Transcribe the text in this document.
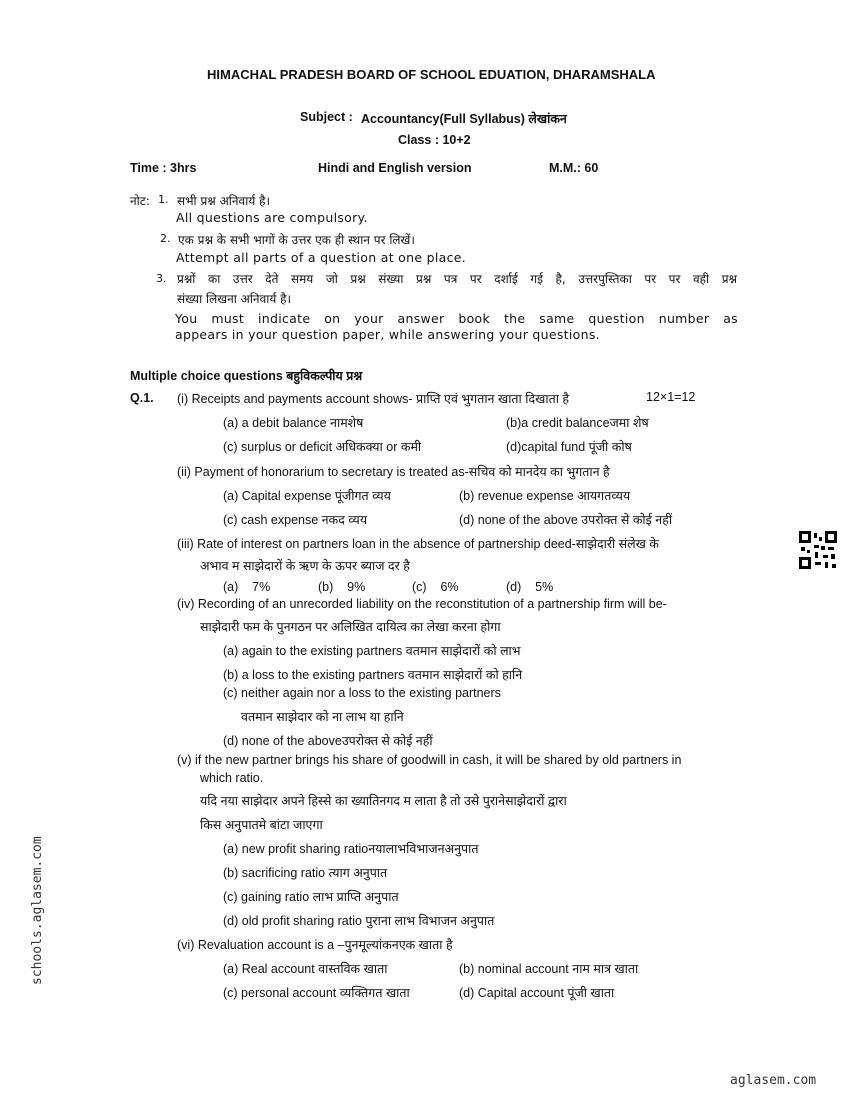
HIMACHAL PRADESH BOARD OF SCHOOL EDUATION, DHARAMSHALA
Subject : Accountancy(Full Syllabus) लेखांकन
Class : 10+2
Time : 3hrs	Hindi and English version	M.M.: 60
नोट: 1. सभी प्रश्न अनिवार्य है।
All questions are compulsory.
2. एक प्रश्न के सभी भागों के उत्तर एक ही स्थान पर लिखें।
Attempt all parts of a question at one place.
3. प्रश्नों का उत्तर देते समय जो प्रश्न संख्या प्रश्न पत्र पर दर्शाई गई है, उत्तरपुस्तिका पर पर वही प्रश्न
संख्या लिखना अनिवार्य है।
You must indicate on your answer book the same question number as
appears in your question paper, while answering your questions.
Multiple choice questions बहुविकल्पीय प्रश्न
Q.1. (i) Receipts and payments account shows- प्राप्ति एवं भुगतान खाता दिखाता है	12×1=12
(a) a debit balance नामशेष	(b)a credit balanceजमा शेष
(c) surplus or deficit अधिकक्या or कमी	(d)capital fund पूंजी कोष
(ii) Payment of honorarium to secretary is treated as-सचिव को मानदेय का भुगतान है
(a) Capital expense पूंजीगत व्यय	(b) revenue expense आयगतव्यय
(c) cash expense नकद व्यय	(d) none of the above उपरोक्त से कोई नहीं
(iii) Rate of interest on partners loan in the absence of partnership deed-साझेदारी संलेख के
अभाव म साझेदारों के ऋण के ऊपर ब्याज दर है
(a)    7%	(b)    9%	(c)    6%	(d)    5%
(iv) Recording of an unrecorded liability on the reconstitution of a partnership firm will be-
साझेदारी फम के पुनगठन पर अलिखित दायित्व का लेखा करना होगा
(a) again to the existing partners वतमान साझेदारों को लाभ
(b) a loss to the existing partners वतमान साझेदारों को हानि
(c) neither again nor a loss to the existing partners
वतमान साझेदार को ना लाभ या हानि
(d) none of the aboveउपरोक्त से कोई नहीं
(v) if the new partner brings his share of goodwill in cash, it will be shared by old partners in
which ratio.
यदि नया साझेदार अपने हिस्से का ख्यातिनगद म लाता है तो उसे पुरानेसाझेदारों द्वारा
किस अनुपातमे बांटा जाएगा
(a) new profit sharing ratioनयालाभविभाजनअनुपात
(b) sacrificing ratio त्याग अनुपात
(c) gaining ratio लाभ प्राप्ति अनुपात
(d) old profit sharing ratio पुराना लाभ विभाजन अनुपात
(vi) Revaluation account is a –पुनमूल्यांकनएक खाता है
(a) Real account वास्तविक खाता	(b) nominal account नाम मात्र खाता
(c) personal account व्यक्तिगत खाता	(d) Capital account पूंजी खाता
schools.aglasem.com
aglasem.com
